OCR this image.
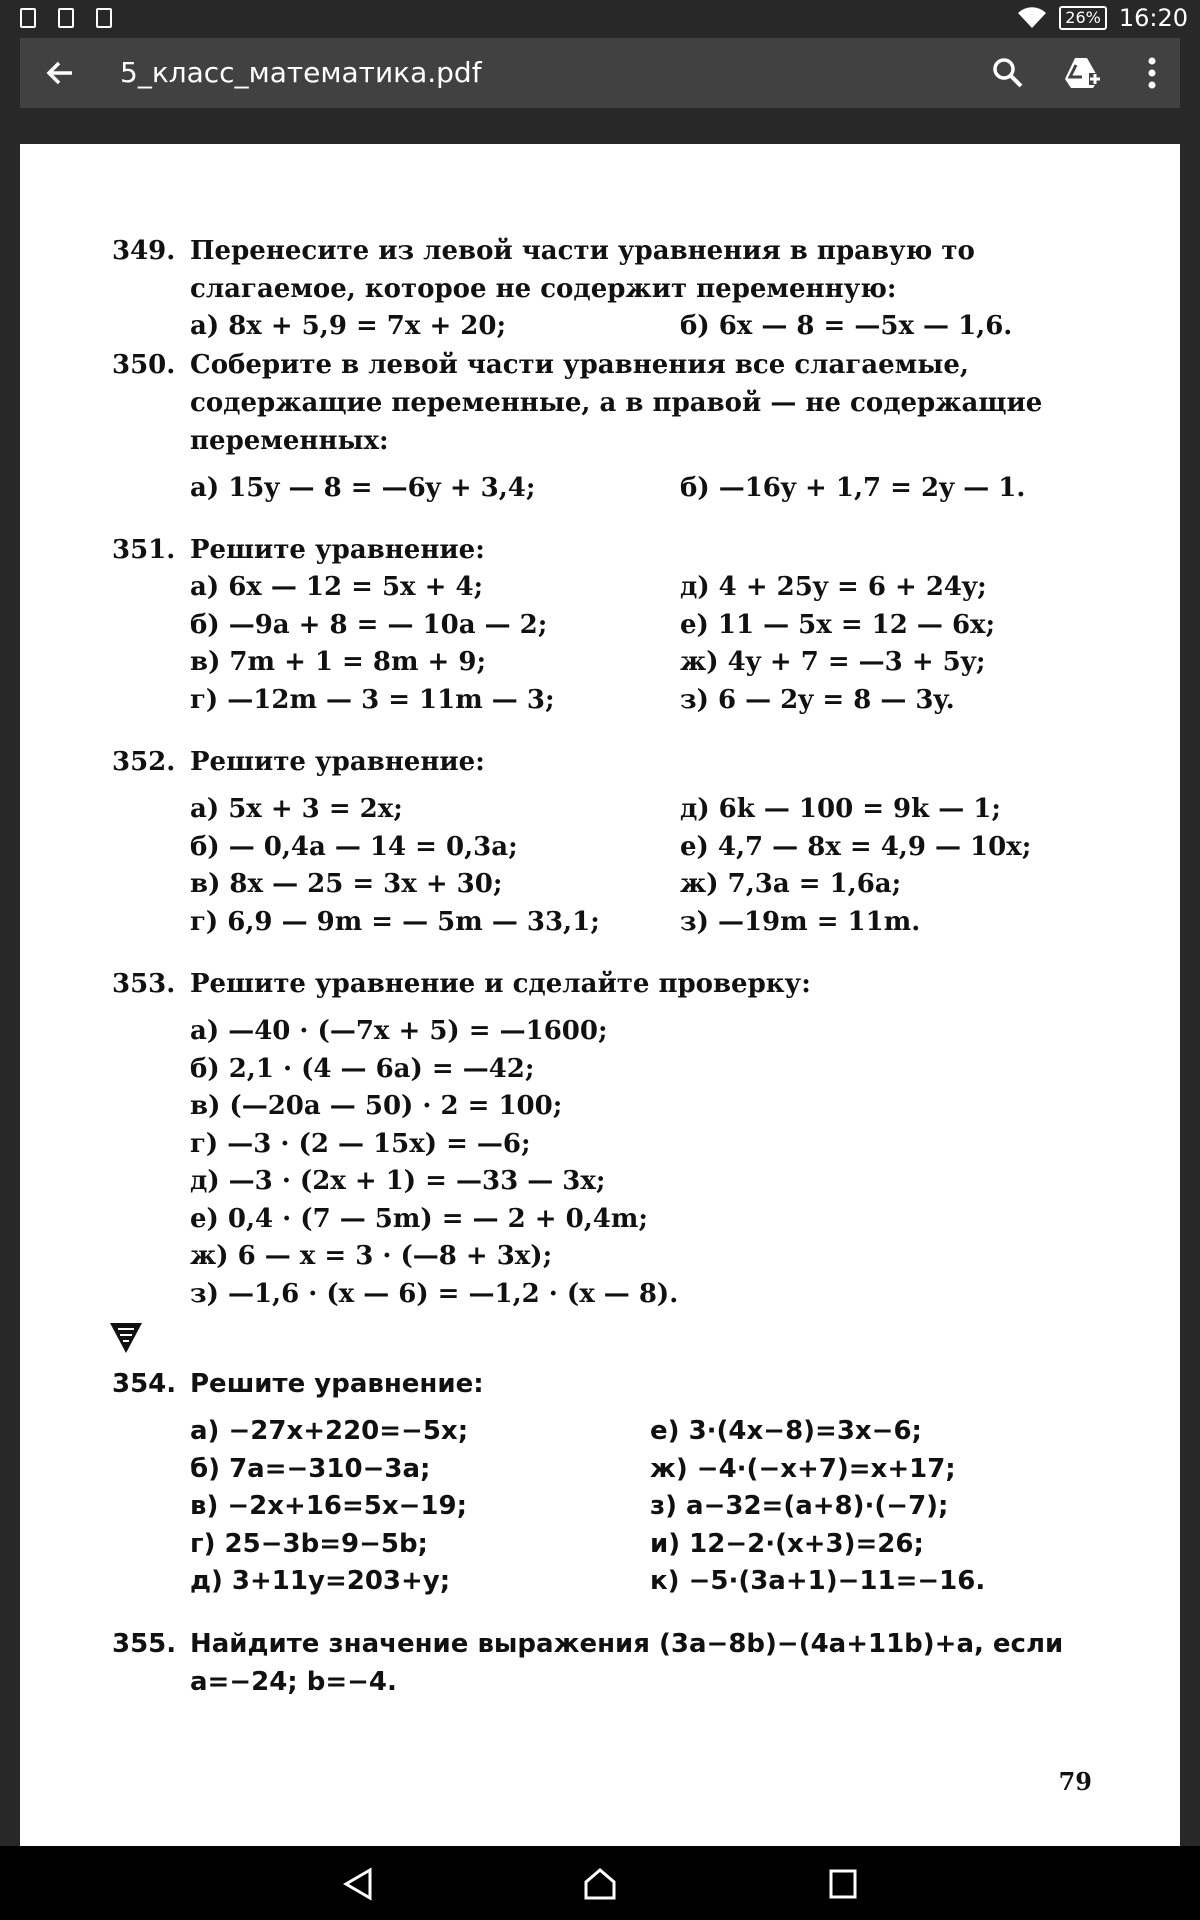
26% 16:20
5_класс_математика.pdf
349. Перенесите из левой части уравнения в правую то слагаемое, которое не содержит переменную:
а) 8x + 5,9 = 7x + 20;	б) 6x — 8 = —5x — 1,6.
350. Соберите в левой части уравнения все слагаемые, содержащие переменные, а в правой — не содержащие переменных:
а) 15y — 8 = —6y + 3,4;	б) —16y + 1,7 = 2y — 1.
351. Решите уравнение:
а) 6x — 12 = 5x + 4;	д) 4 + 25y = 6 + 24y;
б) —9a + 8 = — 10a — 2;	е) 11 — 5x = 12 — 6x;
в) 7m + 1 = 8m + 9;	ж) 4y + 7 = —3 + 5y;
г) —12m — 3 = 11m — 3;	з) 6 — 2y = 8 — 3y.
352. Решите уравнение:
а) 5x + 3 = 2x;	д) 6k — 100 = 9k — 1;
б) — 0,4a — 14 = 0,3a;	е) 4,7 — 8x = 4,9 — 10x;
в) 8x — 25 = 3x + 30;	ж) 7,3a = 1,6a;
г) 6,9 — 9m = — 5m — 33,1;	з) —19m = 11m.
353. Решите уравнение и сделайте проверку:
а) —40 · (—7x + 5) = —1600;
б) 2,1 · (4 — 6a) = —42;
в) (—20a — 50) · 2 = 100;
г) —3 · (2 — 15x) = —6;
д) —3 · (2x + 1) = —33 — 3x;
е) 0,4 · (7 — 5m) = — 2 + 0,4m;
ж) 6 — x = 3 · (—8 + 3x);
з) —1,6 · (x — 6) = —1,2 · (x — 8).
354. Решите уравнение:
а) −27x+220=−5x;	е) 3·(4x−8)=3x−6;
б) 7a=−310−3a;	ж) −4·(−x+7)=x+17;
в) −2x+16=5x−19;	з) a−32=(a+8)·(−7);
г) 25−3b=9−5b;	и) 12−2·(x+3)=26;
д) 3+11y=203+y;	к) −5·(3a+1)−11=−16.
355. Найдите значение выражения (3a−8b)−(4a+11b)+a, если a=−24; b=−4.
79
